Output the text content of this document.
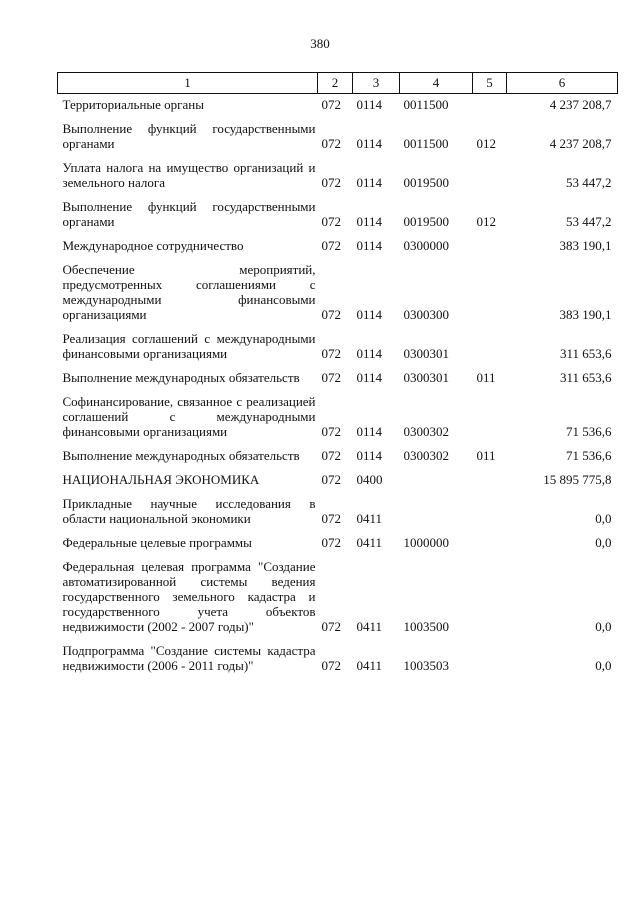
380
1	2	3	4	5	6
Территориальные органы	072	0114	0011500		4 237 208,7
Выполнение функций государственными органами	072	0114	0011500	012	4 237 208,7
Уплата налога на имущество организаций и земельного налога	072	0114	0019500		53 447,2
Выполнение функций государственными органами	072	0114	0019500	012	53 447,2
Международное сотрудничество	072	0114	0300000		383 190,1
Обеспечение мероприятий, предусмотренных соглашениями с международными финансовыми организациями	072	0114	0300300		383 190,1
Реализация соглашений с международными финансовыми организациями	072	0114	0300301		311 653,6
Выполнение международных обязательств	072	0114	0300301	011	311 653,6
Софинансирование, связанное с реализацией соглашений с международными финансовыми организациями	072	0114	0300302		71 536,6
Выполнение международных обязательств	072	0114	0300302	011	71 536,6
НАЦИОНАЛЬНАЯ ЭКОНОМИКА	072	0400			15 895 775,8
Прикладные научные исследования в области национальной экономики	072	0411			0,0
Федеральные целевые программы	072	0411	1000000		0,0
Федеральная целевая программа "Создание автоматизированной системы ведения государственного земельного кадастра и государственного учета объектов недвижимости (2002 - 2007 годы)"	072	0411	1003500		0,0
Подпрограмма "Создание системы кадастра недвижимости (2006 - 2011 годы)"	072	0411	1003503		0,0
